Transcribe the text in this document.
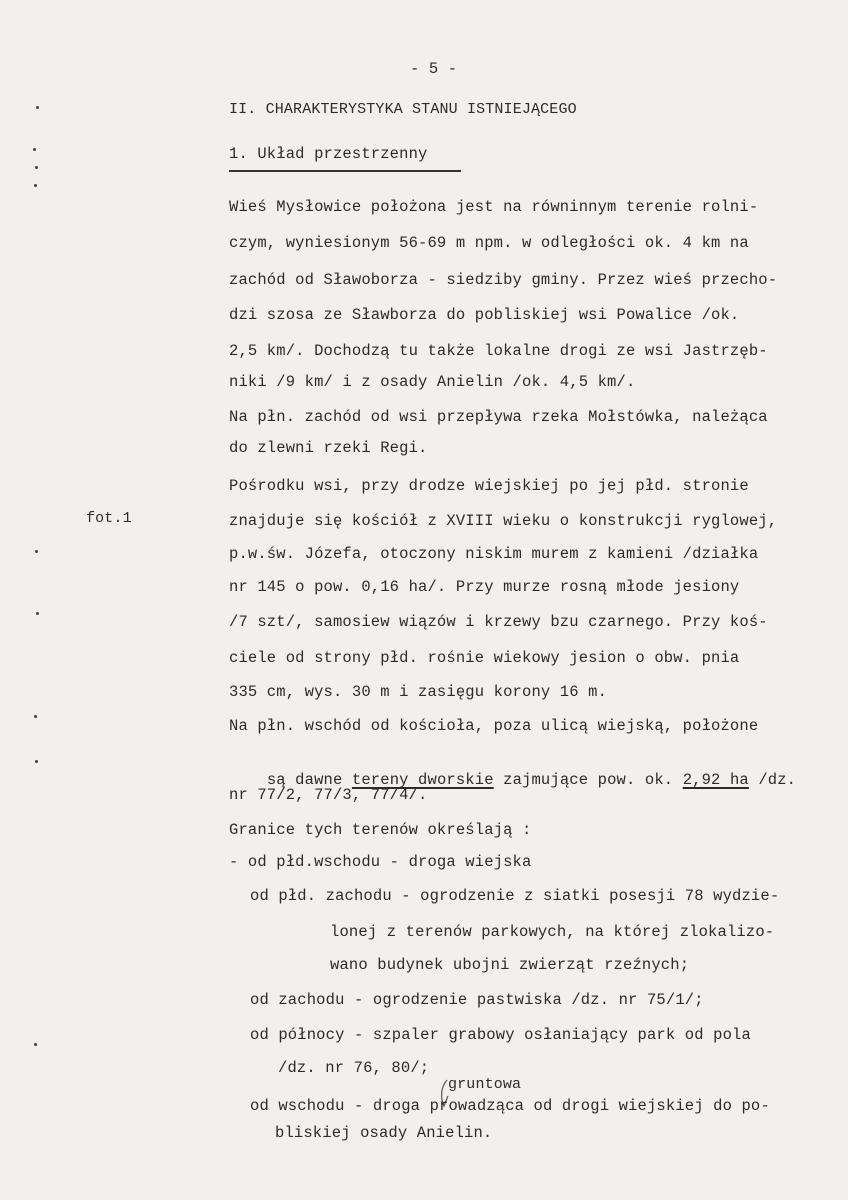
- 5 -
II. CHARAKTERYSTYKA STANU ISTNIEJĄCEGO
1. Układ przestrzenny
Wieś Mysłowice położona jest na równinnym terenie rolni-
czym, wyniesionym 56-69 m npm. w odległości ok. 4 km na
zachód od Sławoborza - siedziby gminy. Przez wieś przecho-
dzi szosa ze Sławborza do pobliskiej wsi Powalice /ok.
2,5 km/. Dochodzą tu także lokalne drogi ze wsi Jastrzęb-
niki /9 km/ i z osady Anielin /ok. 4,5 km/.
Na płn. zachód od wsi przepływa rzeka Mołstówka, należąca
do zlewni rzeki Regi.
Pośrodku wsi, przy drodze wiejskiej po jej płd. stronie
fot.1	znajduje się kościół z XVIII wieku o konstrukcji ryglowej,
p.w.św. Józefa, otoczony niskim murem z kamieni /działka
nr 145 o pow. 0,16 ha/. Przy murze rosną młode jesiony
/7 szt/, samosiew wiązów i krzewy bzu czarnego. Przy koś-
ciele od strony płd. rośnie wiekowy jesion o obw. pnia
335 cm, wys. 30 m i zasięgu korony 16 m.
Na płn. wschód od kościoła, poza ulicą wiejską, położone

są dawne tereny dworskie zajmujące pow. ok. 2,92 ha /dz.

nr 77/2, 77/3, 77/4/.
Granice tych terenów określają :
- od płd.wschodu - droga wiejska
od płd. zachodu - ogrodzenie z siatki posesji 78 wydzie-
lonej z terenów parkowych, na której zlokalizo-
wano budynek ubojni zwierząt rzeźnych;
od zachodu - ogrodzenie pastwiska /dz. nr 75/1/;
od północy - szpaler grabowy osłaniający park od pola
/dz. nr 76, 80/;
gruntowa
od wschodu - droga prowadząca od drogi wiejskiej do po-
bliskiej osady Anielin.
